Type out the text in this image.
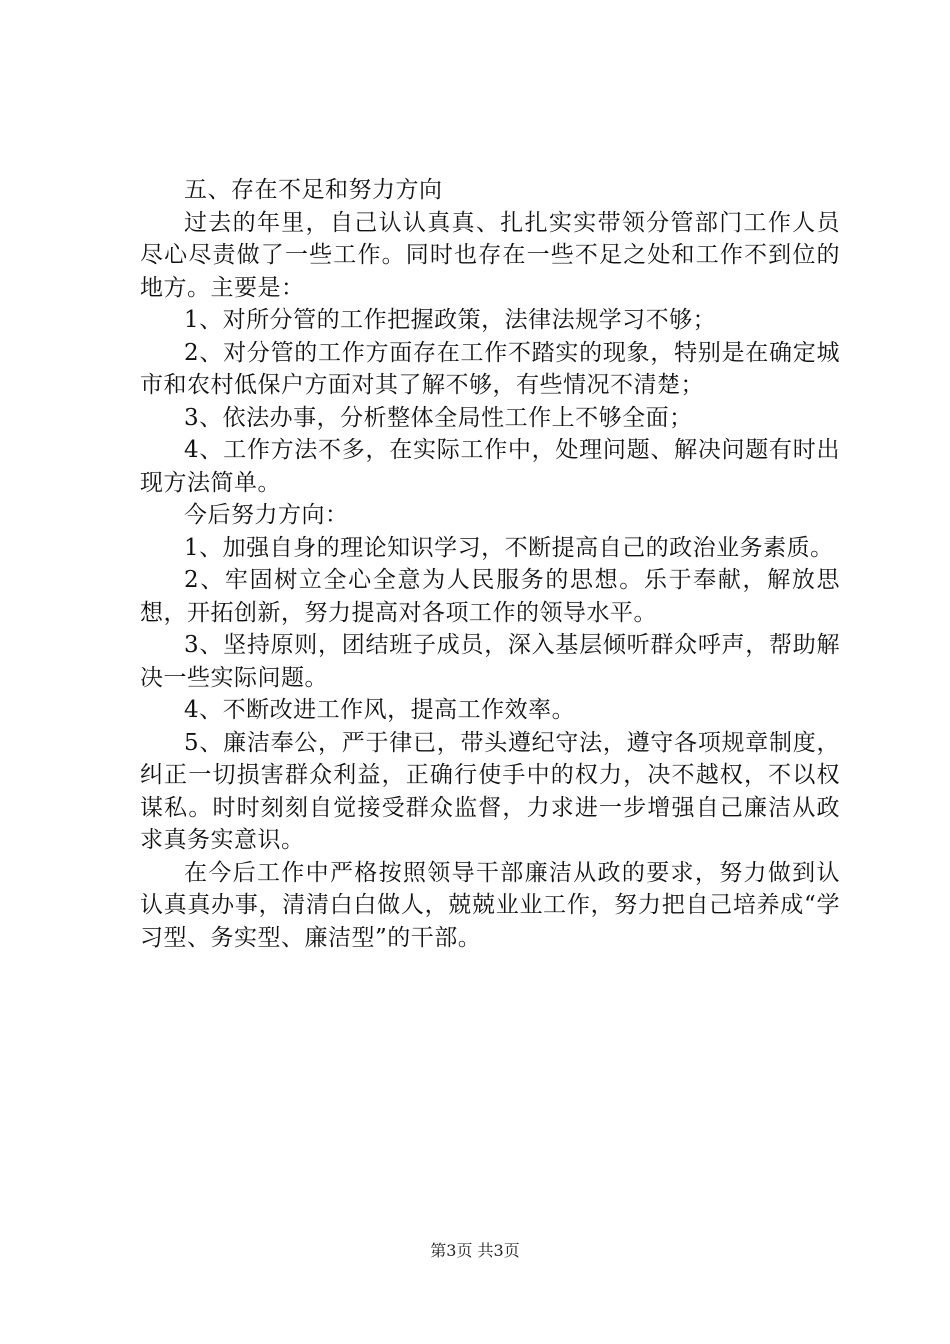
五、存在不足和努力方向

过去的年里，自己认认真真、扎扎实实带领分管部门工作人员尽心尽责做了一些工作。同时也存在一些不足之处和工作不到位的地方。主要是：

1、对所分管的工作把握政策，法律法规学习不够；

2、对分管的工作方面存在工作不踏实的现象，特别是在确定城市和农村低保户方面对其了解不够，有些情况不清楚；

3、依法办事，分析整体全局性工作上不够全面；

4、工作方法不多，在实际工作中，处理问题、解决问题有时出现方法简单。

今后努力方向：

1、加强自身的理论知识学习，不断提高自己的政治业务素质。

2、牢固树立全心全意为人民服务的思想。乐于奉献，解放思想，开拓创新，努力提高对各项工作的领导水平。

3、坚持原则，团结班子成员，深入基层倾听群众呼声，帮助解决一些实际问题。

4、不断改进工作风，提高工作效率。

5、廉洁奉公，严于律已，带头遵纪守法，遵守各项规章制度，纠正一切损害群众利益，正确行使手中的权力，决不越权，不以权谋私。时时刻刻自觉接受群众监督，力求进一步增强自己廉洁从政求真务实意识。

在今后工作中严格按照领导干部廉洁从政的要求，努力做到认认真真办事，清清白白做人，兢兢业业工作，努力把自己培养成“学习型、务实型、廉洁型”的干部。

第3页 共3页
